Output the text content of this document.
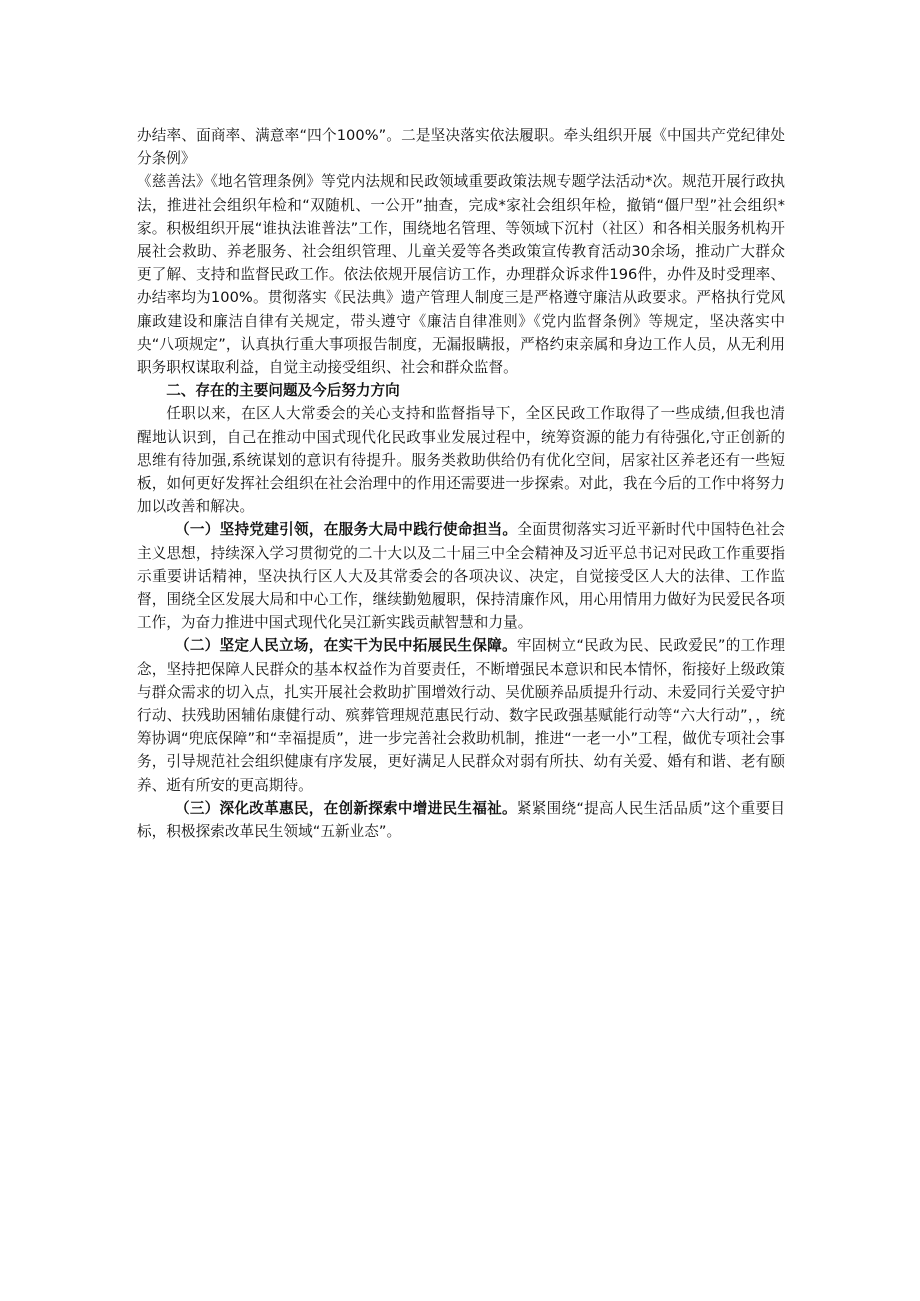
办结率、面商率、满意率“四个100%”。二是坚决落实依法履职。牵头组织开展《中国共产党纪律处分条例》

《慈善法》《地名管理条例》等党内法规和民政领域重要政策法规专题学法活动*次。规范开展行政执法，推进社会组织年检和“双随机、一公开”抽查，完成*家社会组织年检，撤销“僵尸型”社会组织*家。积极组织开展“谁执法谁普法”工作，围绕地名管理、等领域下沉村（社区）和各相关服务机构开展社会救助、养老服务、社会组织管理、儿童关爱等各类政策宣传教育活动30余场，推动广大群众更了解、支持和监督民政工作。依法依规开展信访工作，办理群众诉求件196件，办件及时受理率、办结率均为100%。贯彻落实《民法典》遗产管理人制度三是严格遵守廉洁从政要求。严格执行党风廉政建设和廉洁自律有关规定，带头遵守《廉洁自律准则》《党内监督条例》等规定，坚决落实中央“八项规定”，认真执行重大事项报告制度，无漏报瞒报，严格约束亲属和身边工作人员，从无利用职务职权谋取利益，自觉主动接受组织、社会和群众监督。

二、存在的主要问题及今后努力方向

任职以来，在区人大常委会的关心支持和监督指导下，全区民政工作取得了一些成绩,但我也清醒地认识到，自己在推动中国式现代化民政事业发展过程中，统筹资源的能力有待强化,守正创新的思维有待加强,系统谋划的意识有待提升。服务类救助供给仍有优化空间，居家社区养老还有一些短板，如何更好发挥社会组织在社会治理中的作用还需要进一步探索。对此，我在今后的工作中将努力加以改善和解决。

（一）坚持党建引领，在服务大局中践行使命担当。全面贯彻落实习近平新时代中国特色社会主义思想，持续深入学习贯彻党的二十大以及二十届三中全会精神及习近平总书记对民政工作重要指示重要讲话精神，坚决执行区人大及其常委会的各项决议、决定，自觉接受区人大的法律、工作监督，围绕全区发展大局和中心工作，继续勤勉履职，保持清廉作风，用心用情用力做好为民爱民各项工作，为奋力推进中国式现代化吴江新实践贡献智慧和力量。

（二）坚定人民立场，在实干为民中拓展民生保障。牢固树立“民政为民、民政爱民”的工作理念，坚持把保障人民群众的基本权益作为首要责任，不断增强民本意识和民本情怀，衔接好上级政策与群众需求的切入点，扎实开展社会救助扩围增效行动、吴优颐养品质提升行动、未爱同行关爱守护行动、扶残助困辅佑康健行动、殡葬管理规范惠民行动、数字民政强基赋能行动等“六大行动”，，统筹协调“兜底保障”和“幸福提质”，进一步完善社会救助机制，推进“一老一小”工程，做优专项社会事务，引导规范社会组织健康有序发展，更好满足人民群众对弱有所扶、幼有关爱、婚有和谐、老有颐养、逝有所安的更高期待。

（三）深化改革惠民，在创新探索中增进民生福祉。紧紧围绕“提高人民生活品质”这个重要目标，积极探索改革民生领域“五新业态”。
